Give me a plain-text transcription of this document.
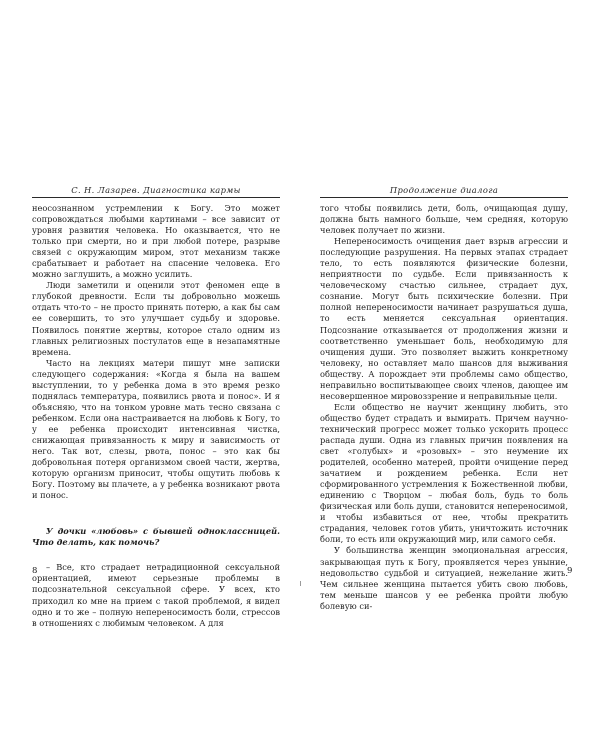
С. Н. Лазарев. Диагностика кармы

неосознанном устремлении к Богу. Это может сопровождаться любыми картинами – все зависит от уровня развития человека. Но оказывается, что не только при смерти, но и при любой потере, разрыве связей с окружающим миром, этот механизм также срабатывает и работает на спасение человека. Его можно заглушить, а можно усилить.

Люди заметили и оценили этот феномен еще в глубокой древности. Если ты добровольно можешь отдать что-то – не просто принять потерю, а как бы сам ее совершить, то это улучшает судьбу и здоровье. Появилось понятие жертвы, которое стало одним из главных религиозных постулатов еще в незапамятные времена.

Часто на лекциях матери пишут мне записки следующего содержания: «Когда я была на вашем выступлении, то у ребенка дома в это время резко поднялась температура, появились рвота и понос». И я объясняю, что на тонком уровне мать тесно связана с ребенком. Если она настраивается на любовь к Богу, то у ее ребенка происходит интенсивная чистка, снижающая привязанность к миру и зависимость от него. Так вот, слезы, рвота, понос – это как бы добровольная потеря организмом своей части, жертва, которую организм приносит, чтобы ощутить любовь к Богу. Поэтому вы плачете, а у ребенка возникают рвота и понос.

У дочки «любовь» с бывшей одноклассницей. Что делать, как помочь?

– Все, кто страдает нетрадиционной сексуальной ориентацией, имеют серьезные проблемы в подсознательной сексуальной сфере. У всех, кто приходил ко мне на прием с такой проблемой, я видел одно и то же – полную непереносимость боли, стрессов в отношениях с любимым человеком. А для

Продолжение диалога

того чтобы появились дети, боль, очищающая душу, должна быть намного больше, чем средняя, которую человек получает по жизни.

Непереносимость очищения дает взрыв агрессии и последующие разрушения. На первых этапах страдает тело, то есть появляются физические болезни, неприятности по судьбе. Если привязанность к человеческому счастью сильнее, страдает дух, сознание. Могут быть психические болезни. При полной непереносимости начинает разрушаться душа, то есть меняется сексуальная ориентация. Подсознание отказывается от продолжения жизни и соответственно уменьшает боль, необходимую для очищения души. Это позволяет выжить конкретному человеку, но оставляет мало шансов для выживания обществу. А порождает эти проблемы само общество, неправильно воспитывающее своих членов, дающее им несовершенное мировоззрение и неправильные цели.

Если общество не научит женщину любить, это общество будет страдать и вымирать. Причем научно-технический прогресс может только ускорить процесс распада души. Одна из главных причин появления на свет «голубых» и «розовых» – это неумение их родителей, особенно матерей, пройти очищение перед зачатием и рождением ребенка. Если нет сформированного устремления к Божественной любви, единению с Творцом – любая боль, будь то боль физическая или боль души, становится непереносимой, и чтобы избавиться от нее, чтобы прекратить страдания, человек готов убить, уничтожить источник боли, то есть или окружающий мир, или самого себя.

У большинства женщин эмоциональная агрессия, закрывающая путь к Богу, проявляется через уныние, недовольство судьбой и ситуацией, нежелание жить. Чем сильнее женщина пытается убить свою любовь, тем меньше шансов у ее ребенка пройти любую болевую си-

8	9
